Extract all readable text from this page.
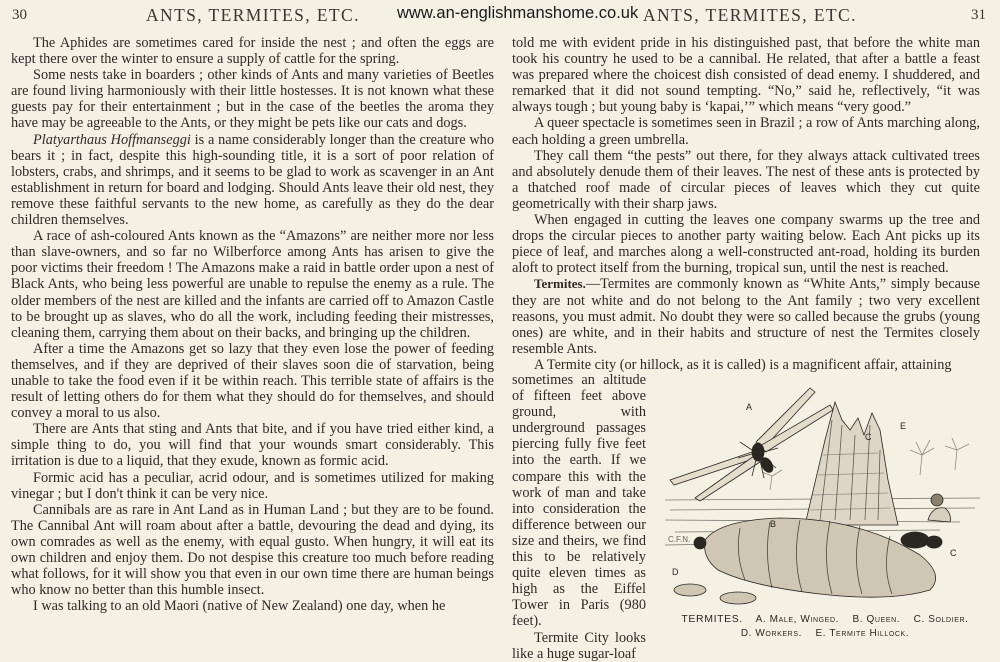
www.an-englishmanshome.co.uk
30	ANTS, TERMITES, ETC.

The Aphides are sometimes cared for inside the nest ; and often the eggs are kept there over the winter to ensure a supply of cattle for the spring.

Some nests take in boarders ; other kinds of Ants and many varieties of Beetles are found living harmoniously with their little hostesses. It is not known what these guests pay for their entertainment ; but in the case of the beetles the aroma they have may be agreeable to the Ants, or they might be pets like our cats and dogs.

Platyarthaus Hoffmanseggi is a name considerably longer than the creature who bears it ; in fact, despite this high-sounding title, it is a sort of poor relation of lobsters, crabs, and shrimps, and it seems to be glad to work as scavenger in an Ant establishment in return for board and lodging. Should Ants leave their old nest, they remove these faithful servants to the new home, as carefully as they do the dear children themselves.

A race of ash-coloured Ants known as the “Amazons” are neither more nor less than slave-owners, and so far no Wilberforce among Ants has arisen to give the poor victims their freedom ! The Amazons make a raid in battle order upon a nest of Black Ants, who being less powerful are unable to repulse the enemy as a rule. The older members of the nest are killed and the infants are carried off to Amazon Castle to be brought up as slaves, who do all the work, including feeding their mistresses, cleaning them, carrying them about on their backs, and bringing up the children.

After a time the Amazons get so lazy that they even lose the power of feeding themselves, and if they are deprived of their slaves soon die of starvation, being unable to take the food even if it be within reach. This terrible state of affairs is the result of letting others do for them what they should do for themselves, and should convey a moral to us also.

There are Ants that sting and Ants that bite, and if you have tried either kind, a simple thing to do, you will find that your wounds smart considerably. This irritation is due to a liquid, that they exude, known as formic acid.

Formic acid has a peculiar, acrid odour, and is sometimes utilized for making vinegar ; but I don't think it can be very nice.

Cannibals are as rare in Ant Land as in Human Land ; but they are to be found. The Cannibal Ant will roam about after a battle, devouring the dead and dying, its own comrades as well as the enemy, with equal gusto. When hungry, it will eat its own children and enjoy them. Do not despise this creature too much before reading what follows, for it will show you that even in our own time there are human beings who know no better than this humble insect.

I was talking to an old Maori (native of New Zealand) one day, when he

ANTS, TERMITES, ETC.	31

told me with evident pride in his distinguished past, that before the white man took his country he used to be a cannibal. He related, that after a battle a feast was prepared where the choicest dish consisted of dead enemy. I shuddered, and remarked that it did not sound tempting. “No,” said he, reflectively, “it was always tough ; but young baby is ‘kapai,’” which means “very good.”

A queer spectacle is sometimes seen in Brazil ; a row of Ants marching along, each holding a green umbrella.

They call them “the pests” out there, for they always attack cultivated trees and absolutely denude them of their leaves. The nest of these ants is protected by a thatched roof made of circular pieces of leaves which they cut quite geometrically with their sharp jaws.

When engaged in cutting the leaves one company swarms up the tree and drops the circular pieces to another party waiting below. Each Ant picks up its piece of leaf, and marches along a well-constructed ant-road, holding its burden aloft to protect itself from the burning, tropical sun, until the nest is reached.

Termites.—Termites are commonly known as “White Ants,” simply because they are not white and do not belong to the Ant family ; two very excellent reasons, you must admit. No doubt they were so called because the grubs (young ones) are white, and in their habits and structure of nest the Termites closely resemble Ants.

A Termite city (or hillock, as it is called) is a magnificent affair, attaining

sometimes an altitude of fifteen feet above ground, with underground passages piercing fully five feet into the earth. If we compare this with the work of man and take into consideration the difference between our size and theirs, we find this to be relatively quite eleven times as high as the Eiffel Tower in Paris (980 feet).

Termite City looks like a huge sugar-loaf

A
B
C
C
D
E
C.F.N.
TERMITES. A. Male, Winged. B. Queen. C. Soldier.
D. Workers. E. Termite Hillock.
